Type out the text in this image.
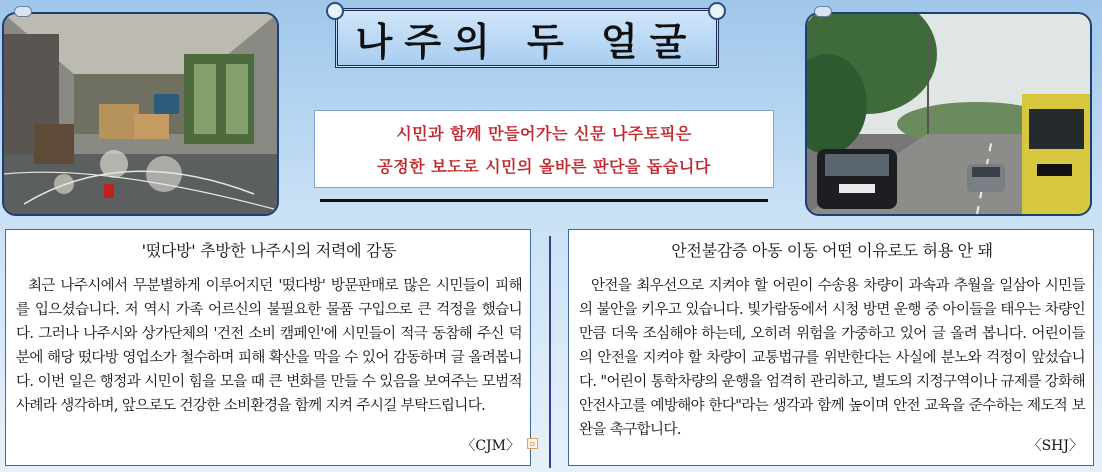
나주의 두 얼굴
시민과 함께 만들어가는 신문 나주토픽은
공정한 보도로 시민의 올바른 판단을 돕습니다
'떴다방' 추방한 나주시의 저력에 감동
최근 나주시에서 무분별하게 이루어지던 '떴다방' 방문판매로 많은 시민들이 피해를 입으셨습니다. 저 역시 가족 어르신의 불필요한 물품 구입으로 큰 걱정을 했습니다. 그러나 나주시와 상가단체의 '건전 소비 캠페인'에 시민들이 적극 동참해 주신 덕분에 해당 떴다방 영업소가 철수하며 피해 확산을 막을 수 있어 감동하며 글 올려봅니다. 이번 일은 행정과 시민이 힘을 모을 때 큰 변화를 만들 수 있음을 보여주는 모범적 사례라 생각하며, 앞으로도 건강한 소비환경을 함께 지켜 주시길 부탁드립니다.
〈CJM〉	▫
안전불감증 아동 이동 어떤 이유로도 허용 안 돼
안전을 최우선으로 지켜야 할 어린이 수송용 차량이 과속과 추월을 일삼아 시민들의 불안을 키우고 있습니다. 빛가람동에서 시청 방면 운행 중 아이들을 태우는 차량인 만큼 더욱 조심해야 하는데, 오히려 위험을 가중하고 있어 글 올려 봅니다. 어린이들의 안전을 지켜야 할 차량이 교통법규를 위반한다는 사실에 분노와 걱정이 앞섰습니다. "어린이 통학차량의 운행을 엄격히 관리하고, 별도의 지정구역이나 규제를 강화해 안전사고를 예방해야 한다"라는 생각과 함께 높이며 안전 교육을 준수하는 제도적 보완을 촉구합니다.
〈SHJ〉
